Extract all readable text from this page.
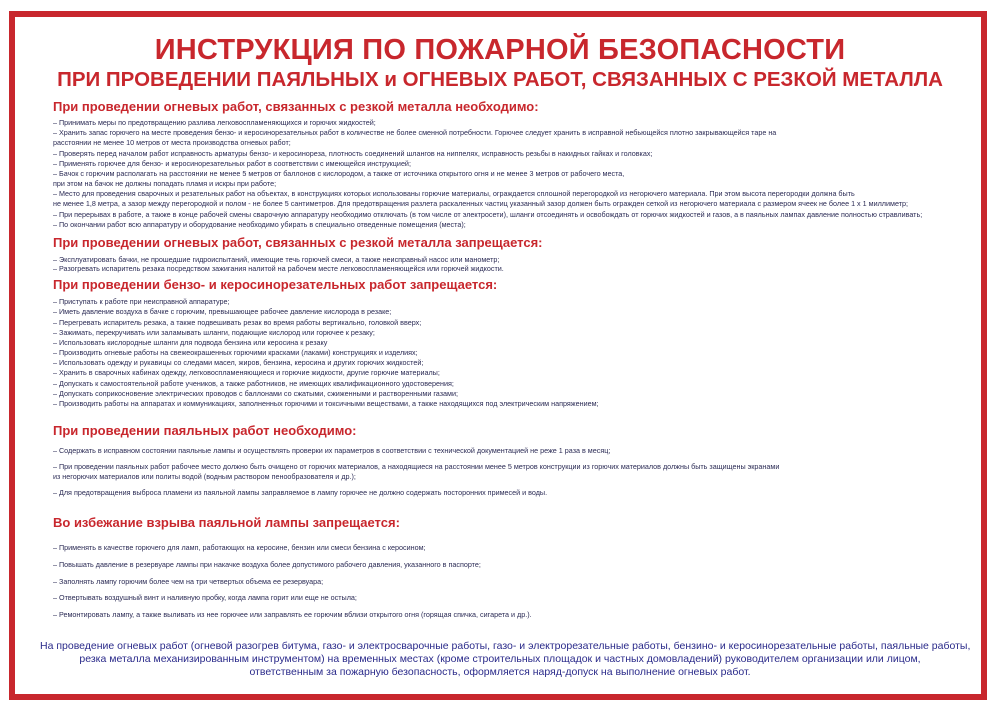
ИНСТРУКЦИЯ ПО ПОЖАРНОЙ БЕЗОПАСНОСТИ
ПРИ ПРОВЕДЕНИИ ПАЯЛЬНЫХ и ОГНЕВЫХ РАБОТ, СВЯЗАННЫХ С РЕЗКОЙ МЕТАЛЛА
При проведении огневых работ, связанных с резкой металла необходимо:
– Принимать меры по предотвращению разлива легковоспламеняющихся и горючих жидкостей;
– Хранить запас горючего на месте проведения бензо- и керосинорезательных работ в количестве не более сменной потребности. Горючее следует хранить в исправной небьющейся плотно закрывающейся таре на
расстоянии не менее 10 метров от места производства огневых работ;
– Проверять перед началом работ исправность арматуры бензо- и керосинореза, плотность соединений шлангов на ниппелях, исправность резьбы в накидных гайках и головках;
– Применять горючее для бензо- и керосинорезательных работ в соответствии с имеющейся инструкцией;
– Бачок с горючим располагать на расстоянии не менее 5 метров от баллонов с кислородом, а также от источника открытого огня и не менее 3 метров от рабочего места,
при этом на бачок не должны попадать пламя и искры при работе;
– Место для проведения сварочных и резательных работ на объектах, в конструкциях которых использованы горючие материалы, ограждается сплошной перегородкой из негорючего материала. При этом высота перегородки должна быть
не менее 1,8 метра, а зазор между перегородкой и полом - не более 5 сантиметров. Для предотвращения разлета раскаленных частиц указанный зазор должен быть огражден сеткой из негорючего материала с размером ячеек не более 1 х 1 миллиметр;
– При перерывах в работе, а также в конце рабочей смены сварочную аппаратуру необходимо отключать (в том числе от электросети), шланги отсоединять и освобождать от горючих жидкостей и газов, а в паяльных лампах давление полностью стравливать;
– По окончании работ всю аппаратуру и оборудование необходимо убирать в специально отведенные помещения (места);
При проведении огневых работ, связанных с резкой металла запрещается:
– Эксплуатировать бачки, не прошедшие гидроиспытаний, имеющие течь горючей смеси, а также неисправный насос или манометр;
– Разогревать испаритель резака посредством зажигания налитой на рабочем месте легковоспламеняющейся или горючей жидкости.
При проведении бензо- и керосинорезательных работ запрещается:
– Приступать к работе при неисправной аппаратуре;
– Иметь давление воздуха в бачке с горючим, превышающее рабочее давление кислорода в резаке;
– Перегревать испаритель резака, а также подвешивать резак во время работы вертикально, головкой вверх;
– Зажимать, перекручивать или заламывать шланги, подающие кислород или горючее к резаку;
– Использовать кислородные шланги для подвода бензина или керосина к резаку
– Производить огневые работы на свежеокрашенных горючими красками (лаками) конструкциях и изделиях;
– Использовать одежду и рукавицы со следами масел, жиров, бензина, керосина и других горючих жидкостей;
– Хранить в сварочных кабинах одежду, легковоспламеняющиеся и горючие жидкости, другие горючие материалы;
– Допускать к самостоятельной работе учеников, а также работников, не имеющих квалификационного удостоверения;
– Допускать соприкосновение электрических проводов с баллонами со сжатыми, сжиженными и растворенными газами;
– Производить работы на аппаратах и коммуникациях, заполненных горючими и токсичными веществами, а также находящихся под электрическим напряжением;
При проведении паяльных работ необходимо:
– Содержать в исправном состоянии паяльные лампы и осуществлять проверки их параметров в соответствии с технической документацией не реже 1 раза в месяц;
– При проведении паяльных работ рабочее место должно быть очищено от горючих материалов, а находящиеся на расстоянии менее 5 метров конструкции из горючих материалов должны быть защищены экранами
из негорючих материалов или политы водой (водным раствором пенообразователя и др.);
– Для предотвращения выброса пламени из паяльной лампы заправляемое в лампу горючее не должно содержать посторонних примесей и воды.
Во избежание взрыва паяльной лампы запрещается:
– Применять в качестве горючего для ламп, работающих на керосине, бензин или смеси бензина с керосином;
– Повышать давление в резервуаре лампы при накачке воздуха более допустимого рабочего давления, указанного в паспорте;
– Заполнять лампу горючим более чем на три четвертых объема ее резервуара;
– Отвертывать воздушный винт и наливную пробку, когда лампа горит или еще не остыла;
– Ремонтировать лампу, а также выливать из нее горючее или заправлять ее горючим вблизи открытого огня (горящая спичка, сигарета и др.).
На проведение огневых работ (огневой разогрев битума, газо- и электросварочные работы, газо- и электрорезательные работы, бензино- и керосинорезательные работы, паяльные работы,
резка металла механизированным инструментом) на временных местах (кроме строительных площадок и частных домовладений) руководителем организации или лицом,
ответственным за пожарную безопасность, оформляется наряд-допуск на выполнение огневых работ.
